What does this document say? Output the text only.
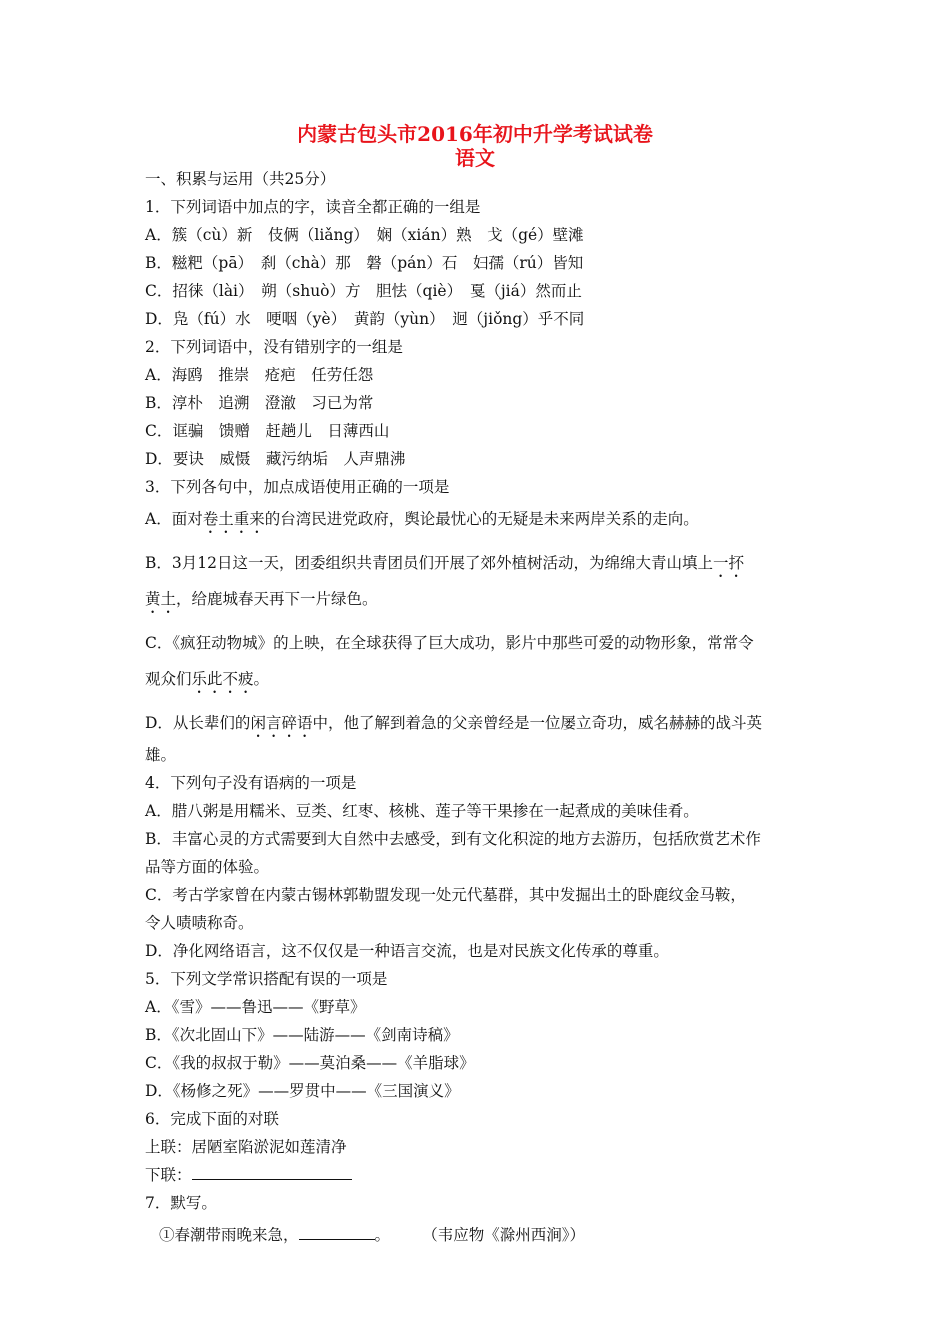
内蒙古包头市2016年初中升学考试试卷
语文
一、积累与运用（共25分）
1．下列词语中加点的字，读音全都正确的一组是
A．簇（cù）新　伎俩（liǎng）　娴（xián）熟　戈（gé）壁滩
B．糍粑（pā）　刹（chà）那　磐（pán）石　妇孺（rú）皆知
C．招徕（lài）　朔（shuò）方　胆怯（qiè）　戛（jiá）然而止
D．凫（fú）水　哽咽（yè）　黄韵（yùn）　迥（jiǒng）乎不同
2．下列词语中，没有错别字的一组是
A．海鸥　推崇　疮疤　任劳任怨
B．淳朴　追溯　澄澈　习已为常
C．诓骗　馈赠　赶趟儿　日薄西山
D．要诀　威慑　藏污纳垢　人声鼎沸
3．下列各句中，加点成语使用正确的一项是
A．面对卷土重来的台湾民进党政府，舆论最忧心的无疑是未来两岸关系的走向。
B．3月12日这一天，团委组织共青团员们开展了郊外植树活动，为绵绵大青山填上一抔
黄土，给鹿城春天再下一片绿色。
C．《疯狂动物城》的上映，在全球获得了巨大成功，影片中那些可爱的动物形象，常常令
观众们乐此不疲。
D．从长辈们的闲言碎语中，他了解到着急的父亲曾经是一位屡立奇功，威名赫赫的战斗英
雄。
4．下列句子没有语病的一项是
A．腊八粥是用糯米、豆类、红枣、核桃、莲子等干果掺在一起煮成的美味佳肴。
B．丰富心灵的方式需要到大自然中去感受，到有文化积淀的地方去游历，包括欣赏艺术作
品等方面的体验。
C．考古学家曾在内蒙古锡林郭勒盟发现一处元代墓群，其中发掘出土的卧鹿纹金马鞍，
令人啧啧称奇。
D．净化网络语言，这不仅仅是一种语言交流，也是对民族文化传承的尊重。
5．下列文学常识搭配有误的一项是
A．《雪》——鲁迅——《野草》
B．《次北固山下》——陆游——《剑南诗稿》
C．《我的叔叔于勒》——莫泊桑——《羊脂球》
D．《杨修之死》——罗贯中——《三国演义》
6．完成下面的对联
上联：居陋室陷淤泥如莲清净
下联：
7．默写。
①春潮带雨晚来急，	。	（韦应物《滁州西涧》）
